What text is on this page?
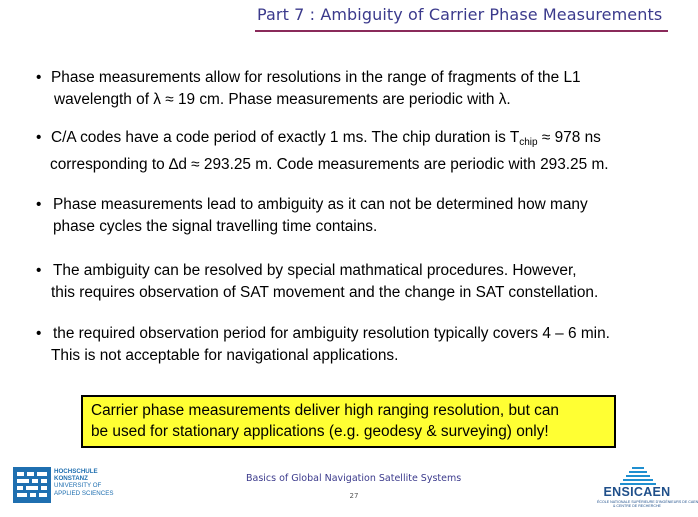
Part 7 : Ambiguity of Carrier Phase Measurements
• Phase measurements allow for resolutions in the range of fragments of the L1
wavelength of λ ≈ 19 cm. Phase measurements are periodic with λ.
• C/A codes have a code period of exactly 1 ms. The chip duration is $T_{chip} \approx 978$ ns
corresponding to ∆d ≈ 293.25 m. Code measurements are periodic with 293.25 m.
• Phase measurements lead to ambiguity as it can not be determined how many
phase cycles the signal travelling time contains.
• The ambiguity can be resolved by special mathmatical procedures. However,
this requires observation of SAT movement and the change in SAT constellation.
• the required observation period for ambiguity resolution typically covers 4 – 6 min.
This is not acceptable for navigational applications.
Carrier phase measurements deliver high ranging resolution, but can
be used for stationary applications (e.g. geodesy & surveying) only!
HOCHSCHULE
KONSTANZ
UNIVERSITY OF
APPLIED SCIENCES
Basics of Global Navigation Satellite Systems
27	ENSICAEN
ÉCOLE NATIONALE SUPÉRIEURE D'INGÉNIEURS DE CAEN
& CENTRE DE RECHERCHE
